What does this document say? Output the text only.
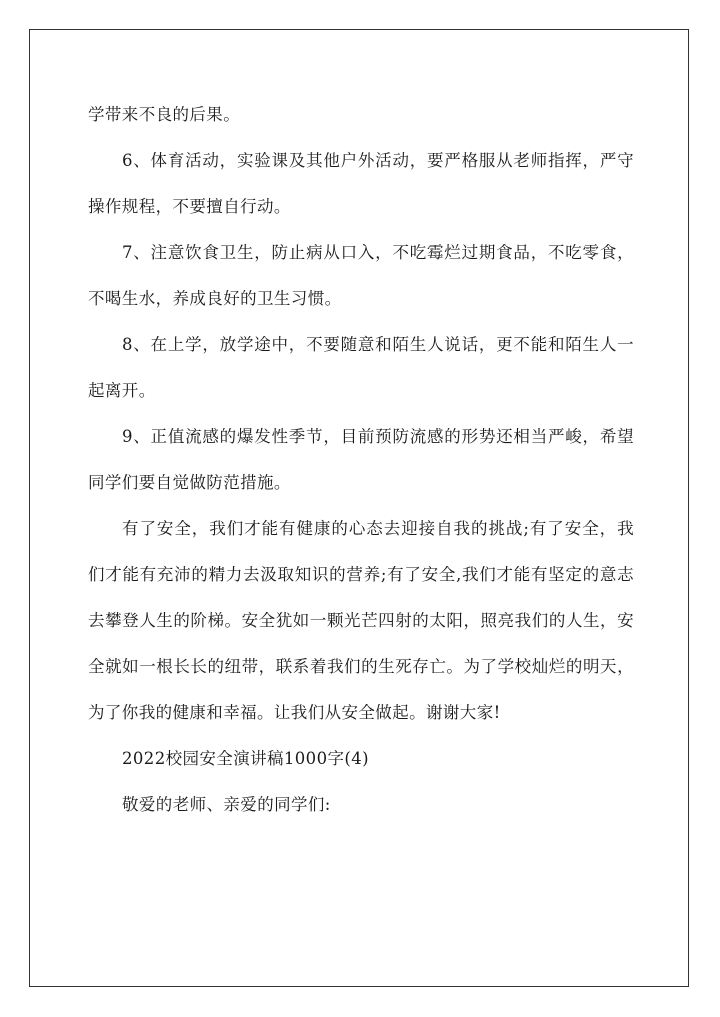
学带来不良的后果。

6、体育活动，实验课及其他户外活动，要严格服从老师指挥，严守操作规程，不要擅自行动。

7、注意饮食卫生，防止病从口入，不吃霉烂过期食品，不吃零食，不喝生水，养成良好的卫生习惯。

8、在上学，放学途中，不要随意和陌生人说话，更不能和陌生人一起离开。

9、正值流感的爆发性季节，目前预防流感的形势还相当严峻，希望同学们要自觉做防范措施。

有了安全，我们才能有健康的心态去迎接自我的挑战;有了安全，我们才能有充沛的精力去汲取知识的营养;有了安全,我们才能有坚定的意志去攀登人生的阶梯。安全犹如一颗光芒四射的太阳，照亮我们的人生，安全就如一根长长的纽带，联系着我们的生死存亡。为了学校灿烂的明天，为了你我的健康和幸福。让我们从安全做起。谢谢大家!

2022校园安全演讲稿1000字(4)

敬爱的老师、亲爱的同学们:
